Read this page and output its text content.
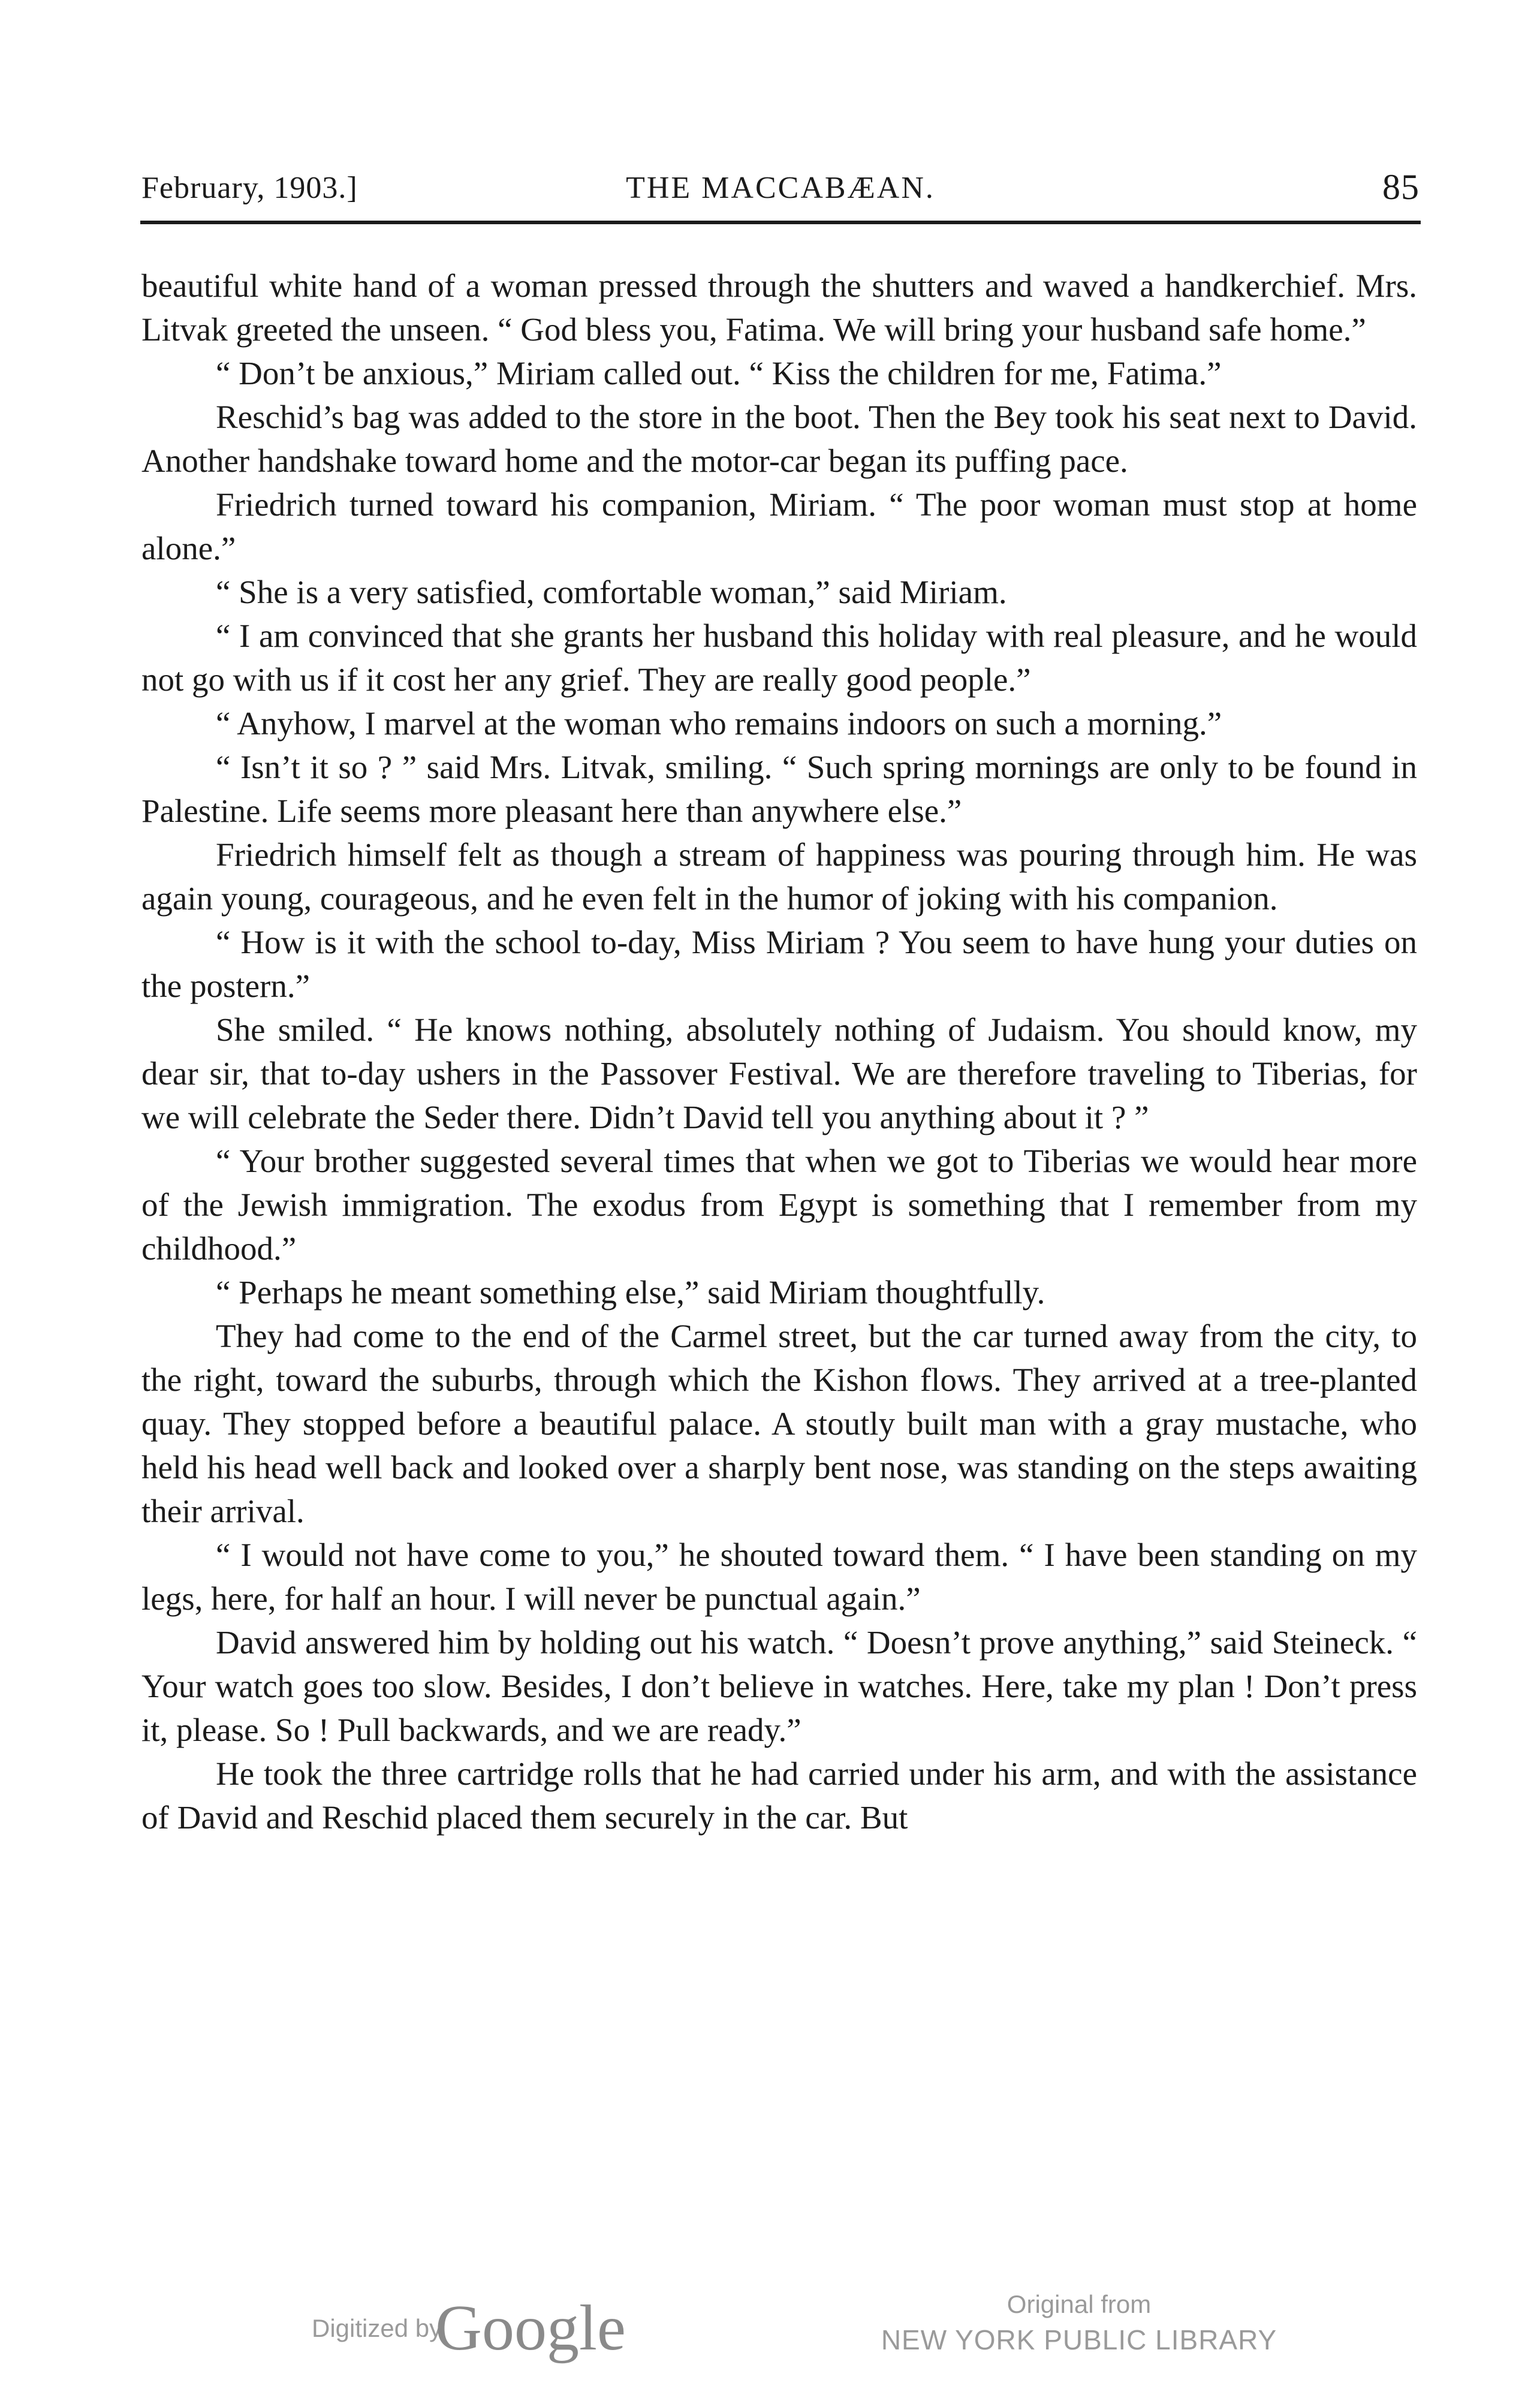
February, 1903.]	THE MACCABÆAN.	85

beautiful white hand of a woman pressed through the shutters and waved a handkerchief. Mrs. Litvak greeted the unseen. “ God bless you, Fatima. We will bring your husband safe home.”

“ Don’t be anxious,” Miriam called out. “ Kiss the children for me, Fatima.”

Reschid’s bag was added to the store in the boot. Then the Bey took his seat next to David. Another handshake toward home and the motor-car began its puffing pace.

Friedrich turned toward his companion, Miriam. “ The poor woman must stop at home alone.”

“ She is a very satisfied, comfortable woman,” said Miriam.

“ I am convinced that she grants her husband this holiday with real pleasure, and he would not go with us if it cost her any grief. They are really good people.”

“ Anyhow, I marvel at the woman who remains indoors on such a morning.”

“ Isn’t it so ? ” said Mrs. Litvak, smiling. “ Such spring mornings are only to be found in Palestine. Life seems more pleasant here than anywhere else.”

Friedrich himself felt as though a stream of happiness was pouring through him. He was again young, courageous, and he even felt in the humor of joking with his companion.

“ How is it with the school to-day, Miss Miriam ? You seem to have hung your duties on the postern.”

She smiled. “ He knows nothing, absolutely nothing of Judaism. You should know, my dear sir, that to-day ushers in the Passover Festival. We are therefore traveling to Tiberias, for we will celebrate the Seder there. Didn’t David tell you anything about it ? ”

“ Your brother suggested several times that when we got to Tiberias we would hear more of the Jewish immigration. The exodus from Egypt is something that I remember from my childhood.”

“ Perhaps he meant something else,” said Miriam thoughtfully.

They had come to the end of the Carmel street, but the car turned away from the city, to the right, toward the suburbs, through which the Kishon flows. They arrived at a tree-planted quay. They stopped before a beautiful palace. A stoutly built man with a gray mustache, who held his head well back and looked over a sharply bent nose, was standing on the steps awaiting their arrival.

“ I would not have come to you,” he shouted toward them. “ I have been standing on my legs, here, for half an hour. I will never be punctual again.”

David answered him by holding out his watch. “ Doesn’t prove anything,” said Steineck. “ Your watch goes too slow. Besides, I don’t believe in watches. Here, take my plan ! Don’t press it, please. So ! Pull backwards, and we are ready.”

He took the three cartridge rolls that he had carried under his arm, and with the assistance of David and Reschid placed them securely in the car. But

Digitized by
Google	Original from
NEW YORK PUBLIC LIBRARY
